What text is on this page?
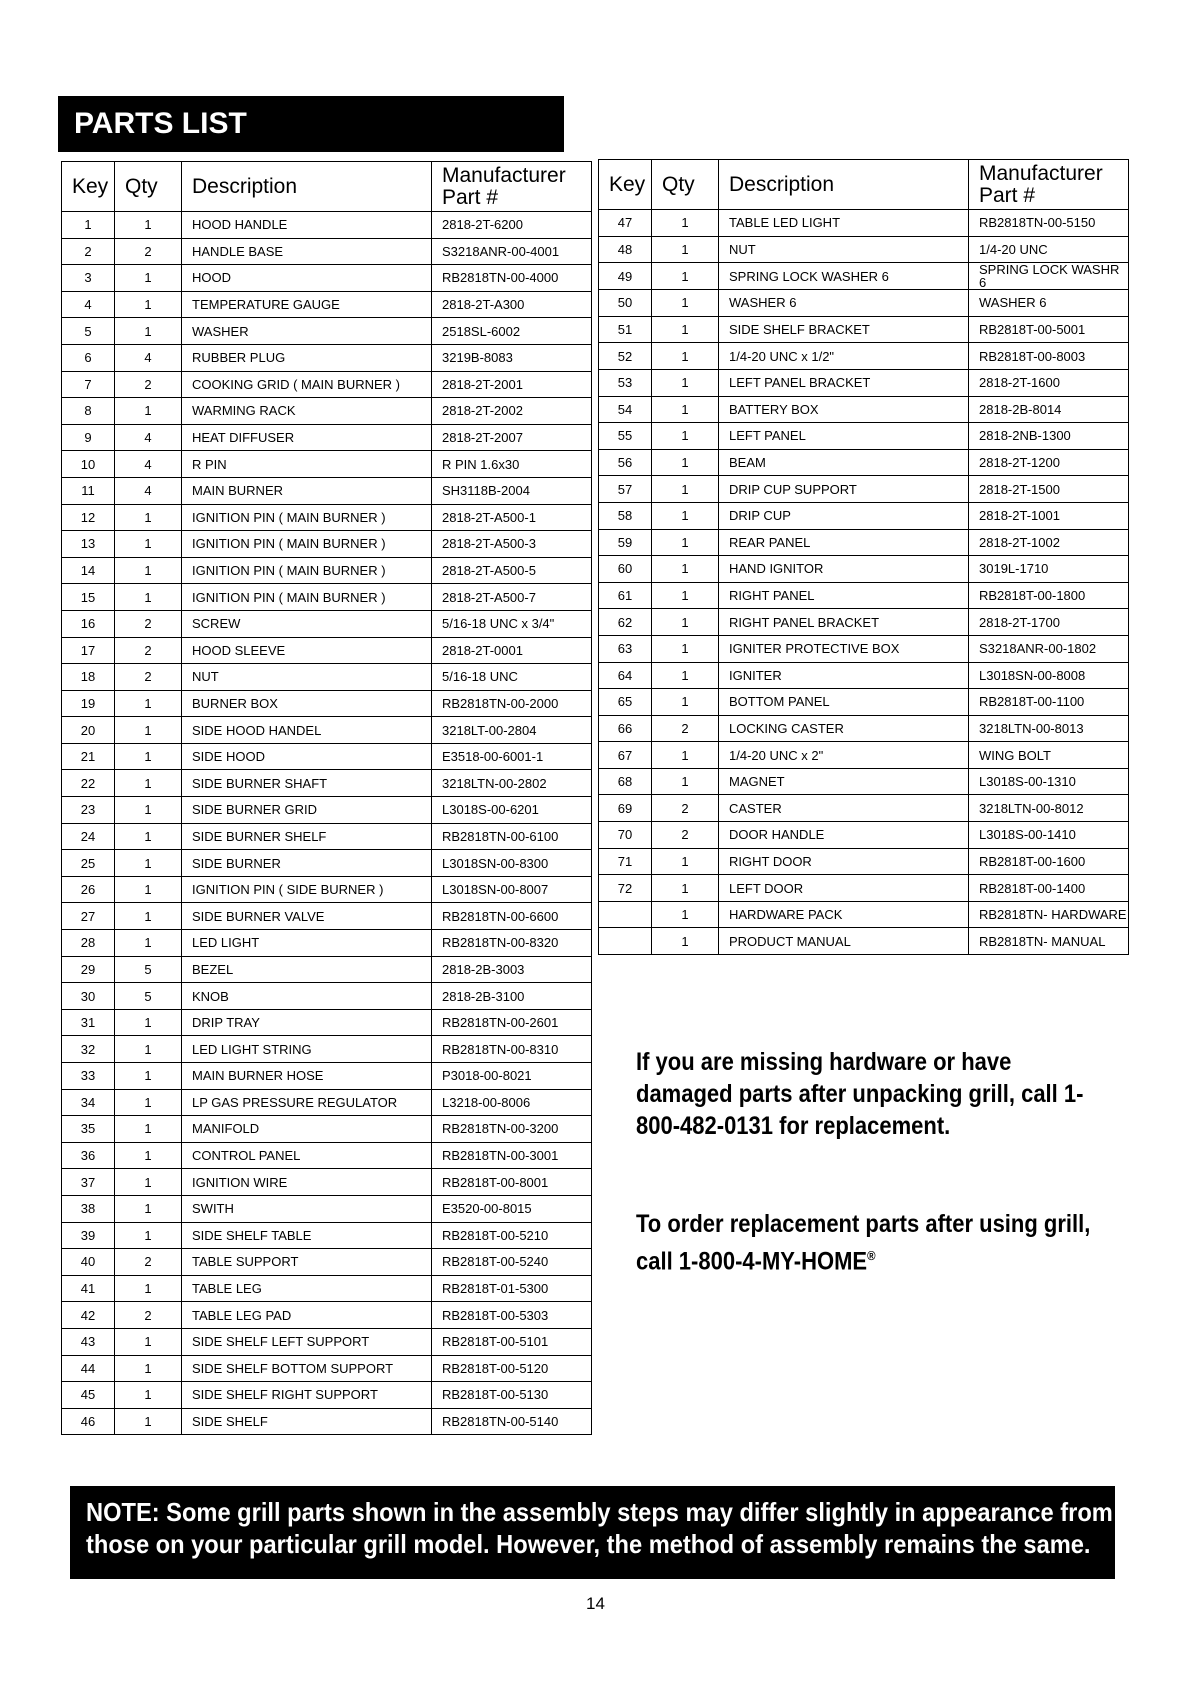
PARTS LIST
Key	Qty	Description	Manufacturer Part #
1	1	HOOD HANDLE	2818-2T-6200
2	2	HANDLE BASE	S3218ANR-00-4001
3	1	HOOD	RB2818TN-00-4000
4	1	TEMPERATURE GAUGE	2818-2T-A300
5	1	WASHER	2518SL-6002
6	4	RUBBER PLUG	3219B-8083
7	2	COOKING GRID ( MAIN BURNER )	2818-2T-2001
8	1	WARMING RACK	2818-2T-2002
9	4	HEAT DIFFUSER	2818-2T-2007
10	4	R PIN	R PIN 1.6x30
11	4	MAIN BURNER	SH3118B-2004
12	1	IGNITION PIN ( MAIN BURNER )	2818-2T-A500-1
13	1	IGNITION PIN ( MAIN BURNER )	2818-2T-A500-3
14	1	IGNITION PIN ( MAIN BURNER )	2818-2T-A500-5
15	1	IGNITION PIN ( MAIN BURNER )	2818-2T-A500-7
16	2	SCREW	5/16-18 UNC x 3/4"
17	2	HOOD SLEEVE	2818-2T-0001
18	2	NUT	5/16-18 UNC
19	1	BURNER BOX	RB2818TN-00-2000
20	1	SIDE HOOD HANDEL	3218LT-00-2804
21	1	SIDE HOOD	E3518-00-6001-1
22	1	SIDE BURNER SHAFT	3218LTN-00-2802
23	1	SIDE BURNER GRID	L3018S-00-6201
24	1	SIDE BURNER SHELF	RB2818TN-00-6100
25	1	SIDE BURNER	L3018SN-00-8300
26	1	IGNITION PIN ( SIDE BURNER )	L3018SN-00-8007
27	1	SIDE BURNER VALVE	RB2818TN-00-6600
28	1	LED LIGHT	RB2818TN-00-8320
29	5	BEZEL	2818-2B-3003
30	5	KNOB	2818-2B-3100
31	1	DRIP TRAY	RB2818TN-00-2601
32	1	LED LIGHT STRING	RB2818TN-00-8310
33	1	MAIN BURNER HOSE	P3018-00-8021
34	1	LP GAS PRESSURE REGULATOR	L3218-00-8006
35	1	MANIFOLD	RB2818TN-00-3200
36	1	CONTROL PANEL	RB2818TN-00-3001
37	1	IGNITION WIRE	RB2818T-00-8001
38	1	SWITH	E3520-00-8015
39	1	SIDE SHELF TABLE	RB2818T-00-5210
40	2	TABLE SUPPORT	RB2818T-00-5240
41	1	TABLE LEG	RB2818T-01-5300
42	2	TABLE LEG PAD	RB2818T-00-5303
43	1	SIDE SHELF LEFT SUPPORT	RB2818T-00-5101
44	1	SIDE SHELF BOTTOM SUPPORT	RB2818T-00-5120
45	1	SIDE SHELF RIGHT SUPPORT	RB2818T-00-5130
46	1	SIDE SHELF	RB2818TN-00-5140
Key	Qty	Description	Manufacturer Part #
47	1	TABLE LED LIGHT	RB2818TN-00-5150
48	1	NUT	1/4-20 UNC
49	1	SPRING LOCK WASHER 6	SPRING LOCK WASHR 6
50	1	WASHER 6	WASHER 6
51	1	SIDE SHELF BRACKET	RB2818T-00-5001
52	1	1/4-20 UNC x 1/2"	RB2818T-00-8003
53	1	LEFT PANEL BRACKET	2818-2T-1600
54	1	BATTERY BOX	2818-2B-8014
55	1	LEFT PANEL	2818-2NB-1300
56	1	BEAM	2818-2T-1200
57	1	DRIP CUP SUPPORT	2818-2T-1500
58	1	DRIP CUP	2818-2T-1001
59	1	REAR PANEL	2818-2T-1002
60	1	HAND IGNITOR	3019L-1710
61	1	RIGHT PANEL	RB2818T-00-1800
62	1	RIGHT PANEL BRACKET	2818-2T-1700
63	1	IGNITER PROTECTIVE BOX	S3218ANR-00-1802
64	1	IGNITER	L3018SN-00-8008
65	1	BOTTOM PANEL	RB2818T-00-1100
66	2	LOCKING CASTER	3218LTN-00-8013
67	1	1/4-20 UNC x 2"	WING BOLT
68	1	MAGNET	L3018S-00-1310
69	2	CASTER	3218LTN-00-8012
70	2	DOOR HANDLE	L3018S-00-1410
71	1	RIGHT DOOR	RB2818T-00-1600
72	1	LEFT DOOR	RB2818T-00-1400
	1	HARDWARE PACK	RB2818TN- HARDWARE
	1	PRODUCT MANUAL	RB2818TN- MANUAL
If you are missing hardware or have damaged parts after unpacking grill, call 1-800-482-0131 for replacement.
To order replacement parts after using grill, call 1-800-4-MY-HOME®
NOTE: Some grill parts shown in the assembly steps may differ slightly in appearance from
those on your particular grill model. However, the method of assembly remains the same.
14
